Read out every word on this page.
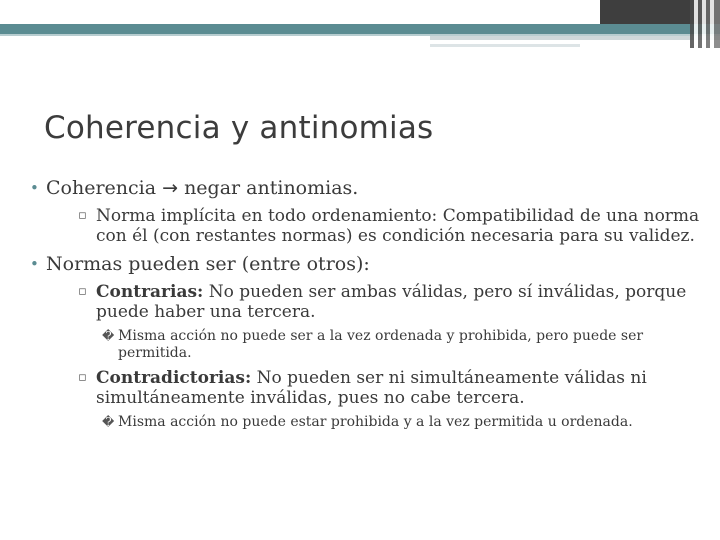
Coherencia y antinomias
• Coherencia → negar antinomias.
▫ Norma implícita en todo ordenamiento: Compatibilidad de una norma con él (con restantes normas) es condición necesaria para su validez.
• Normas pueden ser (entre otros):
▫ Contrarias: No pueden ser ambas válidas, pero sí inválidas, porque puede haber una tercera.
� Misma acción no puede ser a la vez ordenada y prohibida, pero puede ser permitida.
▫ Contradictorias: No pueden ser ni simultáneamente válidas ni simultáneamente inválidas, pues no cabe tercera.
� Misma acción no puede estar prohibida y a la vez permitida u ordenada.
